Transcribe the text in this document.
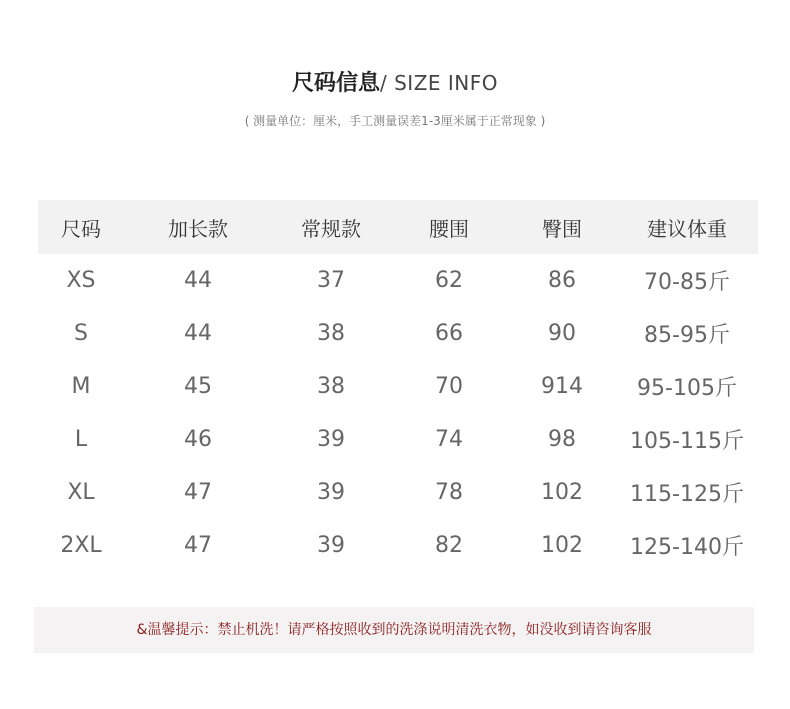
尺码信息/ SIZE INFO
( 测量单位：厘米，手工测量误差1-3厘米属于正常现象 )
尺码	加长款	常规款	腰围	臀围	建议体重
XS	44	37	62	86	70-85斤
S	44	38	66	90	85-95斤
M	45	38	70	914	95-105斤
L	46	39	74	98	105-115斤
XL	47	39	78	102	115-125斤
2XL	47	39	82	102	125-140斤
&温馨提示：禁止机洗！请严格按照收到的洗涤说明清洗衣物，如没收到请咨询客服
